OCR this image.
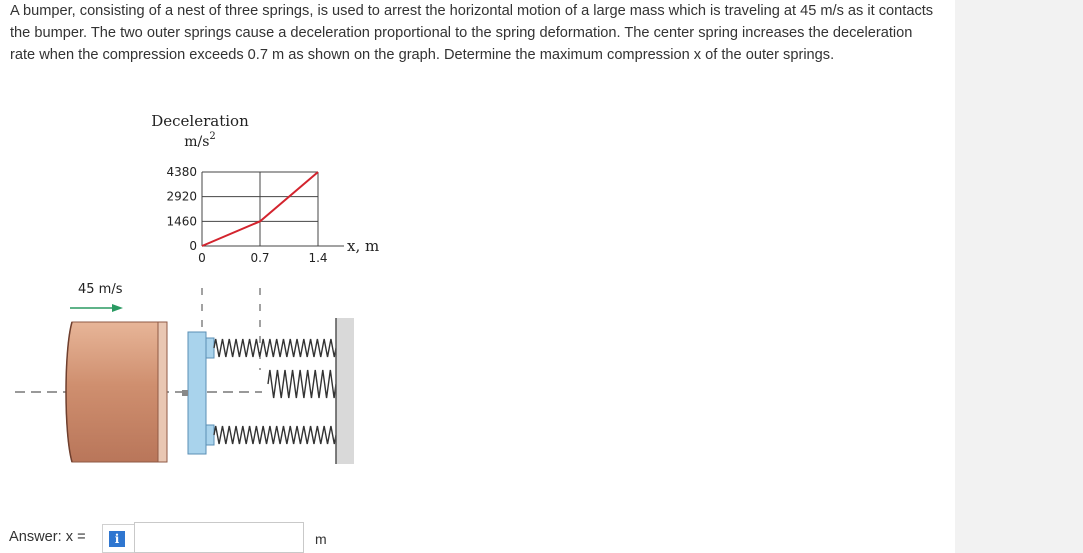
A bumper, consisting of a nest of three springs, is used to arrest the horizontal motion of a large mass which is traveling at 45 m/s as it contacts the bumper. The two outer springs cause a deceleration proportional to the spring deformation. The center spring increases the deceleration rate when the compression exceeds 0.7 m as shown on the graph. Determine the maximum compression x of the outer springs.

Deceleration
$m/s^2$
0
1460
2920
4380
0	0.7	1.4
x, m
45 m/s
Answer: x =	i	m
